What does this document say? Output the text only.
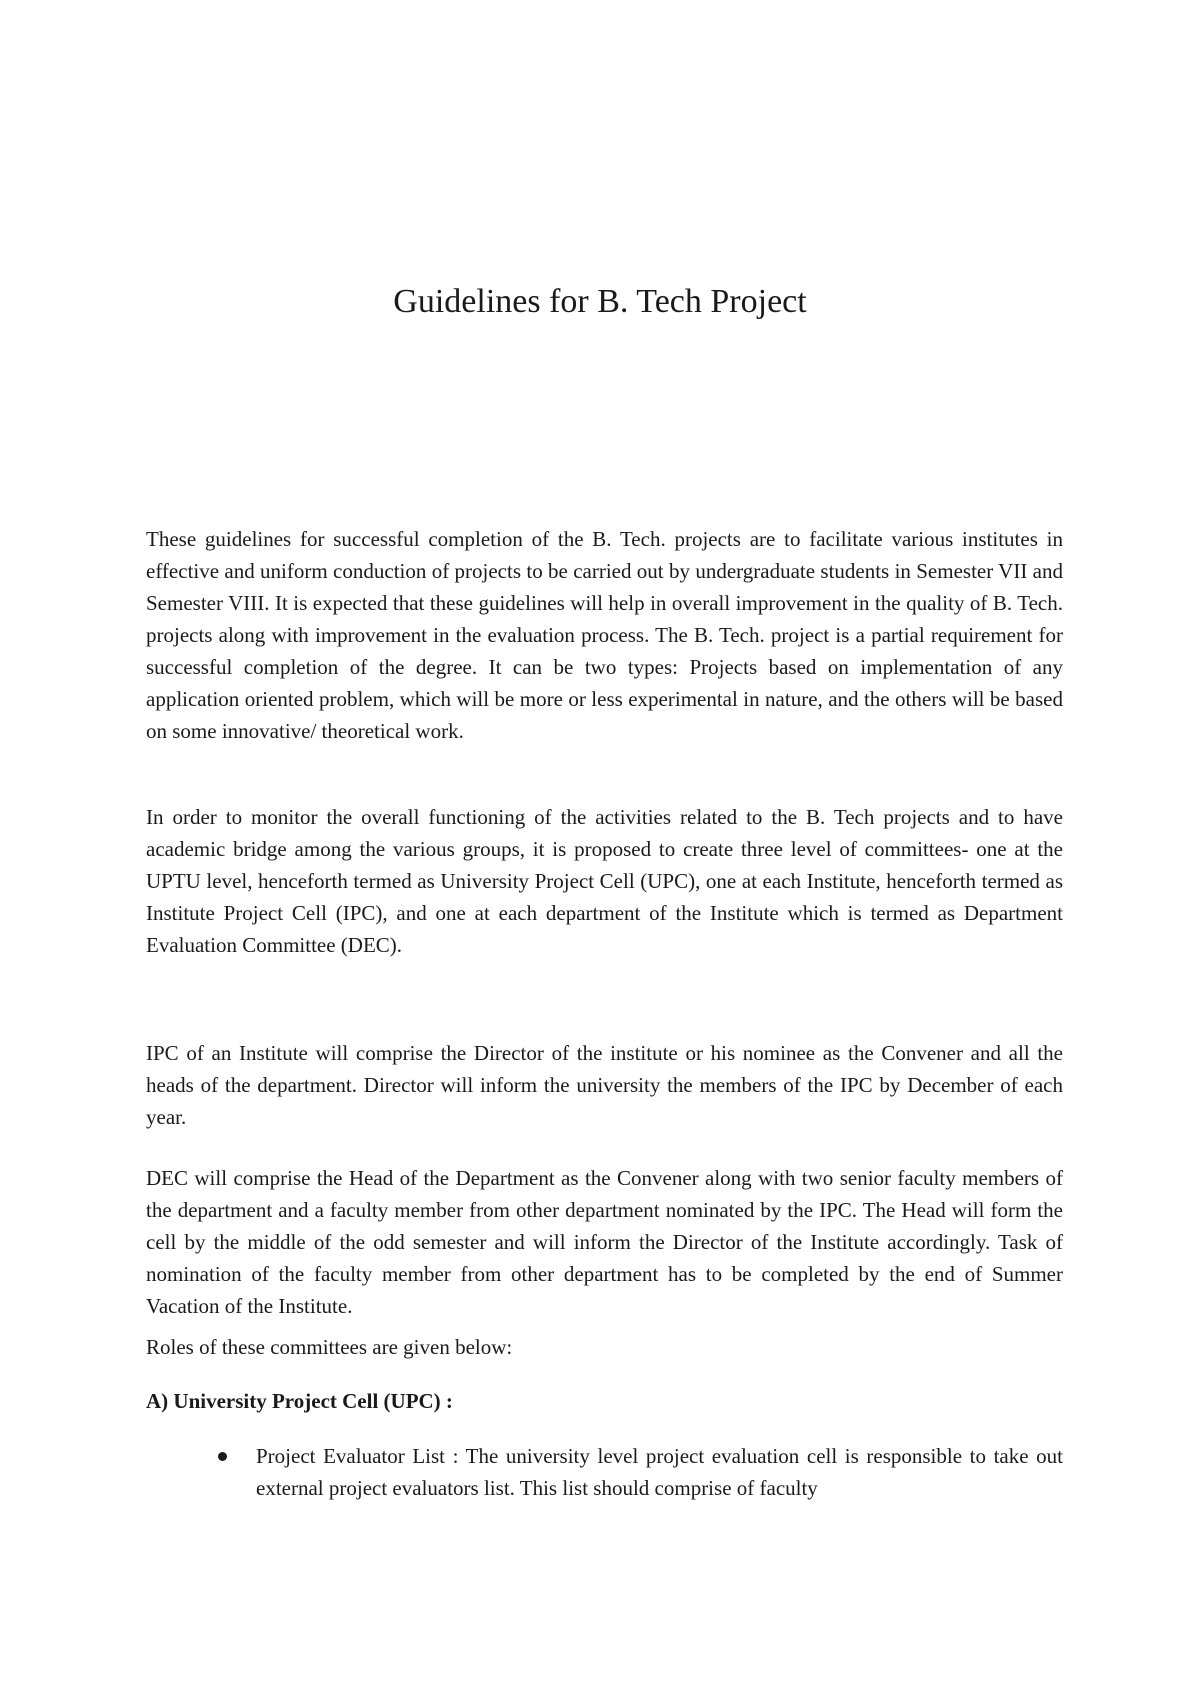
Guidelines for B. Tech Project

These guidelines for successful completion of the B. Tech. projects are to facilitate various institutes in effective and uniform conduction of projects to be carried out by undergraduate students in Semester VII and Semester VIII. It is expected that these guidelines will help in overall improvement in the quality of B. Tech. projects along with improvement in the evaluation process. The B. Tech. project is a partial requirement for successful completion of the degree. It can be two types: Projects based on implementation of any application oriented problem, which will be more or less experimental in nature, and the others will be based on some innovative/ theoretical work.

In order to monitor the overall functioning of the activities related to the B. Tech projects and to have academic bridge among the various groups, it is proposed to create three level of committees- one at the UPTU level, henceforth termed as University Project Cell (UPC), one at each Institute, henceforth termed as Institute Project Cell (IPC), and one at each department of the Institute which is termed as Department Evaluation Committee (DEC).

IPC of an Institute will comprise the Director of the institute or his nominee as the Convener and all the heads of the department. Director will inform the university the members of the IPC by December of each year.

DEC will comprise the Head of the Department as the Convener along with two senior faculty members of the department and a faculty member from other department nominated by the IPC. The Head will form the cell by the middle of the odd semester and will inform the Director of the Institute accordingly. Task of nomination of the faculty member from other department has to be completed by the end of Summer Vacation of the Institute.

Roles of these committees are given below:

A) University Project Cell (UPC) :
Project Evaluator List : The university level project evaluation cell is responsible to take out external project evaluators list. This list should comprise of faculty
